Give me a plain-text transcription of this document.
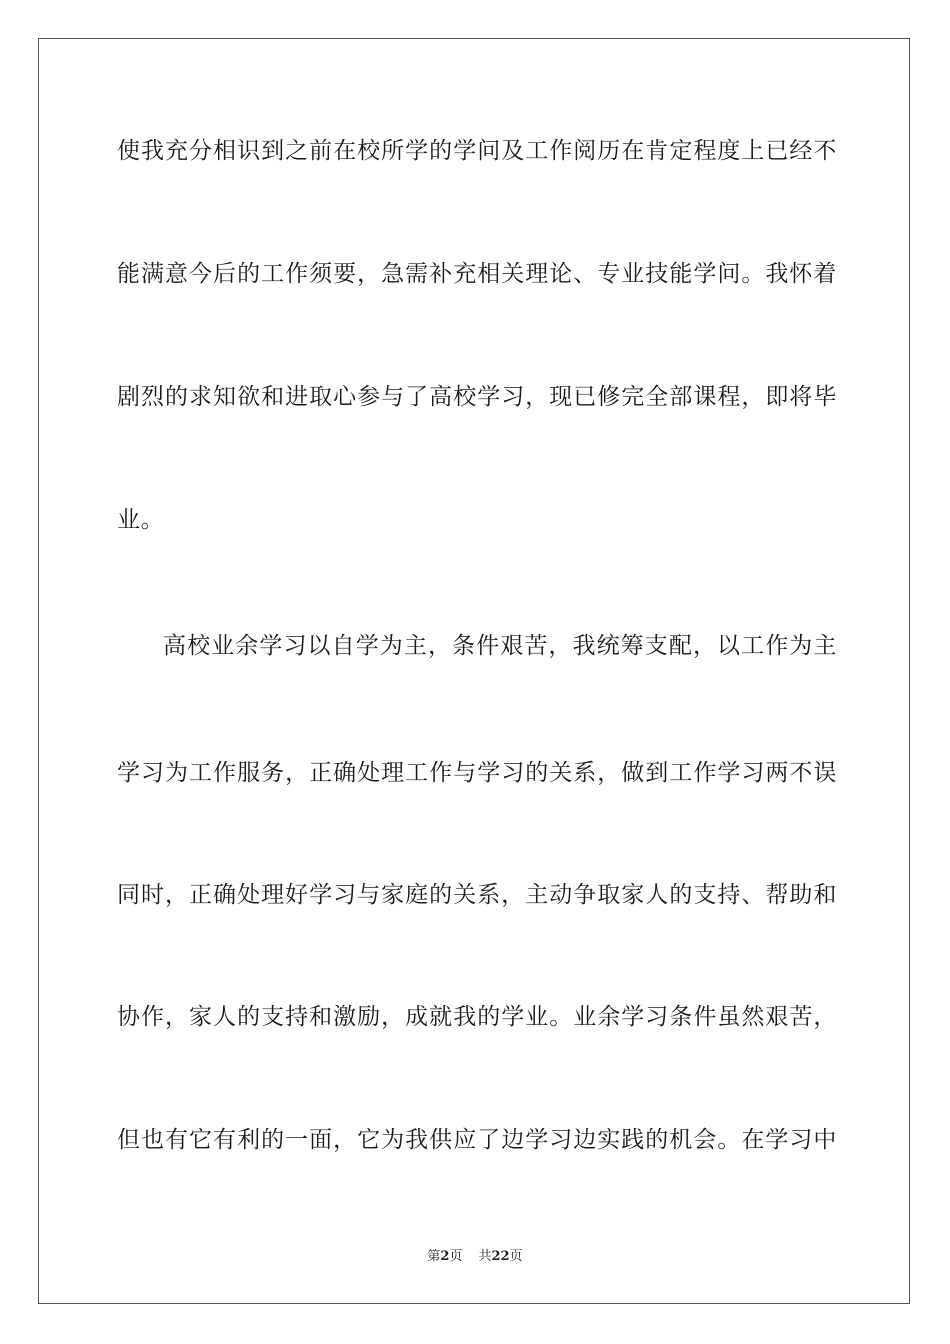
使我充分相识到之前在校所学的学问及工作阅历在肯定程度上已经不
能满意今后的工作须要，急需补充相关理论、专业技能学问。我怀着
剧烈的求知欲和进取心参与了高校学习，现已修完全部课程，即将毕
业。
高校业余学习以自学为主，条件艰苦，我统筹支配，以工作为主
学习为工作服务，正确处理工作与学习的关系，做到工作学习两不误
同时，正确处理好学习与家庭的关系，主动争取家人的支持、帮助和
协作，家人的支持和激励，成就我的学业。业余学习条件虽然艰苦，
但也有它有利的一面，它为我供应了边学习边实践的机会。在学习中
第2页 共22页
